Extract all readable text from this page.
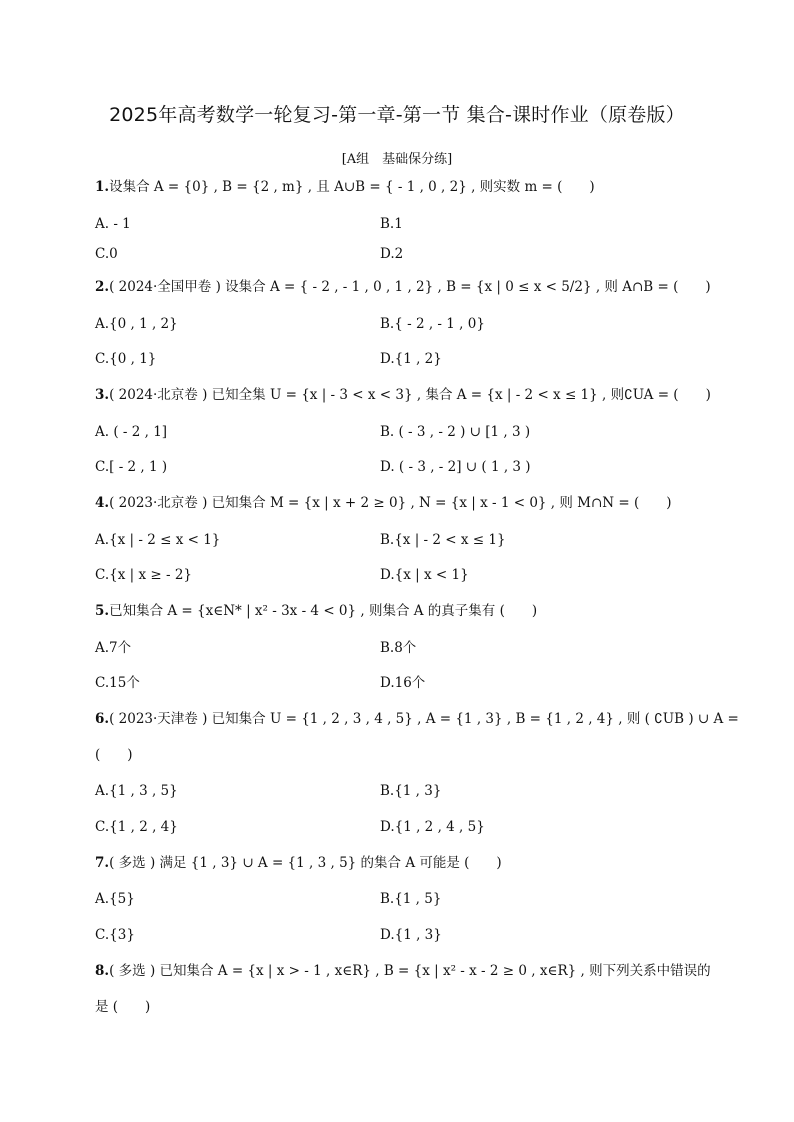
2025年高考数学一轮复习-第一章-第一节 集合-课时作业（原卷版）
[A组　基础保分练]
1.设集合 A = {0} , B = {2 , m} , 且 A∪B = { - 1 , 0 , 2} , 则实数 m = (　　)
A. - 1	B.1
C.0	D.2
2.( 2024·全国甲卷 ) 设集合 A = { - 2 , - 1 , 0 , 1 , 2} , B = {x | 0 ≤ x < 5/2} , 则 A∩B = (　　)
A.{0 , 1 , 2}	B.{ - 2 , - 1 , 0}
C.{0 , 1}	D.{1 , 2}
3.( 2024·北京卷 ) 已知全集 U = {x | - 3 < x < 3} , 集合 A = {x | - 2 < x ≤ 1} , 则∁UA = (　　)
A. ( - 2 , 1]	B. ( - 3 , - 2 ) ∪ [1 , 3 )
C.[ - 2 , 1 )	D. ( - 3 , - 2] ∪ ( 1 , 3 )
4.( 2023·北京卷 ) 已知集合 M = {x | x + 2 ≥ 0} , N = {x | x - 1 < 0} , 则 M∩N = (　　)
A.{x | - 2 ≤ x < 1}	B.{x | - 2 < x ≤ 1}
C.{x | x ≥ - 2}	D.{x | x < 1}
5.已知集合 A = {x∈N* | x² - 3x - 4 < 0} , 则集合 A 的真子集有 (　　)
A.7个	B.8个
C.15个	D.16个
6.( 2023·天津卷 ) 已知集合 U = {1 , 2 , 3 , 4 , 5} , A = {1 , 3} , B = {1 , 2 , 4} , 则 ( ∁UB ) ∪ A =
(　　)
A.{1 , 3 , 5}	B.{1 , 3}
C.{1 , 2 , 4}	D.{1 , 2 , 4 , 5}
7.( 多选 ) 满足 {1 , 3} ∪ A = {1 , 3 , 5} 的集合 A 可能是 (　　)
A.{5}	B.{1 , 5}
C.{3}	D.{1 , 3}
8.( 多选 ) 已知集合 A = {x | x > - 1 , x∈R} , B = {x | x² - x - 2 ≥ 0 , x∈R} , 则下列关系中错误的
是 (　　)
